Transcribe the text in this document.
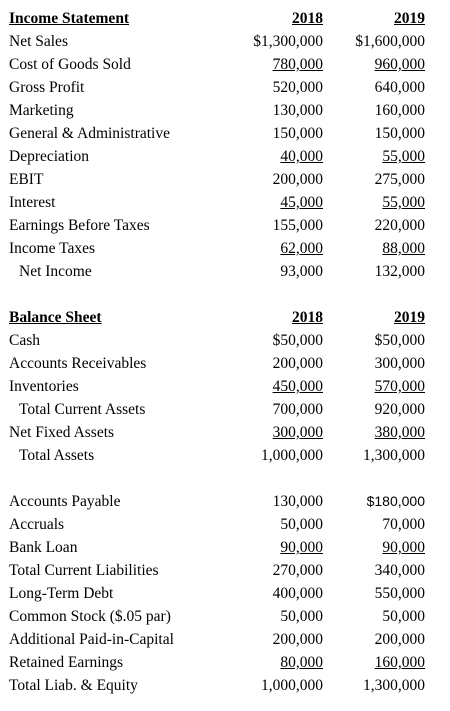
Income Statement	2018	2019
Net Sales	$1,300,000 $1,600,000
Cost of Goods Sold	780,000	960,000
Gross Profit	520,000	640,000
Marketing	130,000	160,000
General & Administrative	150,000	150,000
Depreciation	40,000	55,000
EBIT	200,000	275,000
Interest	45,000	55,000
Earnings Before Taxes	155,000	220,000
Income Taxes	62,000	88,000
Net Income	93,000	132,000
Balance Sheet	2018	2019
Cash	$50,000	$50,000
Accounts Receivables	200,000	300,000
Inventories	450,000	570,000
Total Current Assets	700,000	920,000
Net Fixed Assets	300,000	380,000
Total Assets	1,000,000	1,300,000
Accounts Payable	130,000	$180,000
Accruals	50,000	70,000
Bank Loan	90,000	90,000
Total Current Liabilities	270,000	340,000
Long-Term Debt	400,000	550,000
Common Stock ($.05 par)	50,000	50,000
Additional Paid-in-Capital	200,000	200,000
Retained Earnings	80,000	160,000
Total Liab. & Equity	1,000,000	1,300,000
